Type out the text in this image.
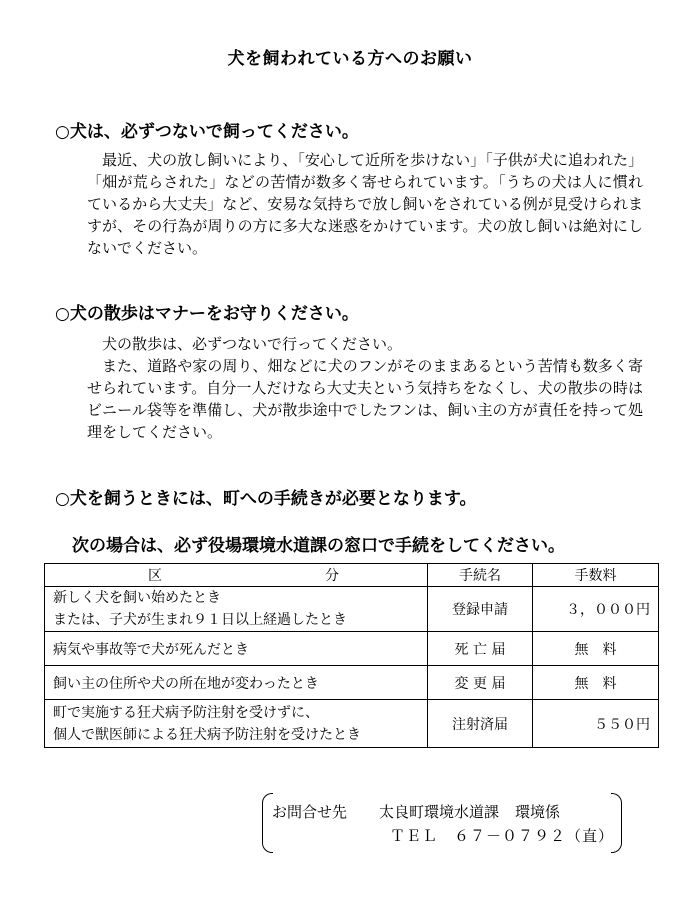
犬を飼われている方へのお願い
○犬は、必ずつないで飼ってください。

最近、犬の放し飼いにより、「安心して近所を歩けない」「子供が犬に追われた」「畑が荒らされた」などの苦情が数多く寄せられています。「うちの犬は人に慣れているから大丈夫」など、安易な気持ちで放し飼いをされている例が見受けられますが、その行為が周りの方に多大な迷惑をかけています。犬の放し飼いは絶対にしないでください。

○犬の散歩はマナーをお守りください。

犬の散歩は、必ずつないで行ってください。

また、道路や家の周り、畑などに犬のフンがそのままあるという苦情も数多く寄せられています。自分一人だけなら大丈夫という気持ちをなくし、犬の散歩の時はビニール袋等を準備し、犬が散歩途中でしたフンは、飼い主の方が責任を持って処理をしてください。

○犬を飼うときには、町への手続きが必要となります。
次の場合は、必ず役場環境水道課の窓口で手続をしてください。
区 分	手続名	手数料

新しく犬を飼い始めたとき
または、子犬が生まれ９１日以上経過したとき	登録申請	３，０００円
病気や事故等で犬が死んだとき	死 亡 届	無　料
飼い主の住所や犬の所在地が変わったとき	変 更 届	無　料

町で実施する狂犬病予防注射を受けずに、
個人で獣医師による狂犬病予防注射を受けたとき	注射済届	５５０円
お問合せ先 太良町環境水道課 環境係
ＴＥＬ　６７－０７９２（直）
